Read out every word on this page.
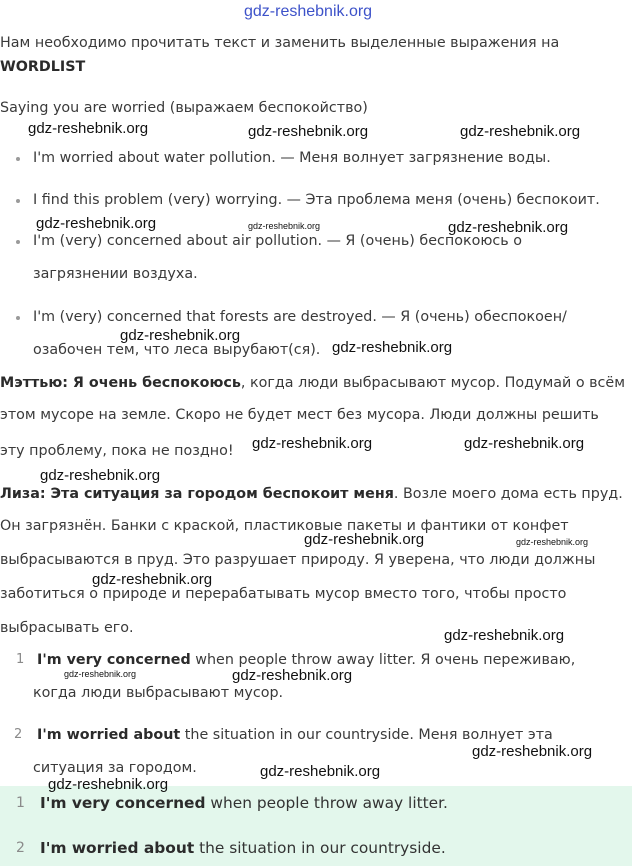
gdz-reshebnik.org
Нам необходимо прочитать текст и заменить выделенные выражения на
WORDLIST
Saying you are worried (выражаем беспокойство)
gdz-reshebnik.org	gdz-reshebnik.org	gdz-reshebnik.org
I'm worried about water pollution. — Меня волнует загрязнение воды.
I find this problem (very) worrying. — Эта проблема меня (очень) беспокоит.
gdz-reshebnik.org	gdz-reshebnik.org	gdz-reshebnik.org
I'm (very) concerned about air pollution. — Я (очень) беспокоюсь о
загрязнении воздуха.
I'm (very) concerned that forests are destroyed. — Я (очень) обеспокоен/
gdz-reshebnik.org
озабочен тем, что леса вырубают(ся). gdz-reshebnik.org
Мэттью: Я очень беспокоюсь, когда люди выбрасывают мусор. Подумай о всём
этом мусоре на земле. Скоро не будет мест без мусора. Люди должны решить
эту проблему, пока не поздно! gdz-reshebnik.org	gdz-reshebnik.org
gdz-reshebnik.org
Лиза: Эта ситуация за городом беспокоит меня. Возле моего дома есть пруд.
Он загрязнён. Банки с краской, пластиковые пакеты и фантики от конфет
gdz-reshebnik.org	gdz-reshebnik.org
выбрасываются в пруд. Это разрушает природу. Я уверена, что люди должны
gdz-reshebnik.org
заботиться о природе и перерабатывать мусор вместо того, чтобы просто
выбрасывать его.	gdz-reshebnik.org
1 I'm very concerned when people throw away litter. Я очень переживаю,
gdz-reshebnik.org	gdz-reshebnik.org
когда люди выбрасывают мусор.
2 I'm worried about the situation in our countryside. Меня волнует эта
gdz-reshebnik.org
ситуация за городом.	gdz-reshebnik.org
1 I'm very concerned when people throw away litter.
2 I'm worried about the situation in our countryside.
gdz-reshebnik.org
